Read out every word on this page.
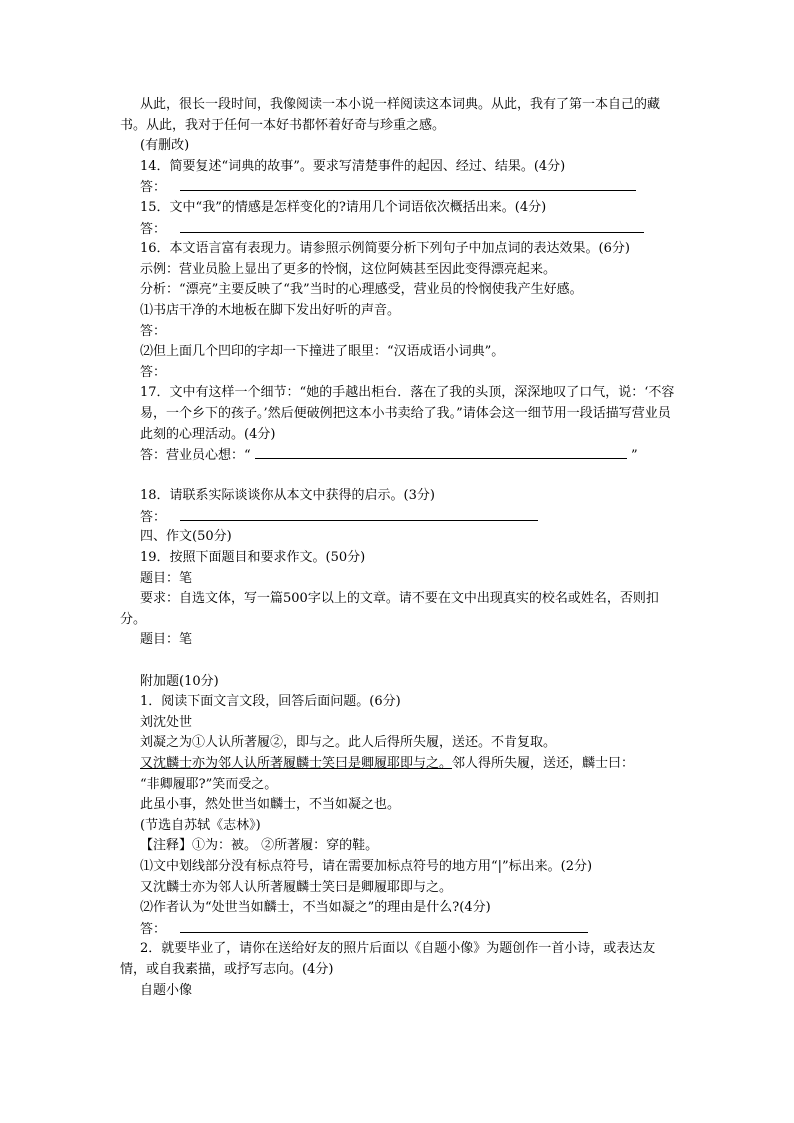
从此，很长一段时间，我像阅读一本小说一样阅读这本词典。从此，我有了第一本自己的藏书。从此，我对于任何一本好书都怀着好奇与珍重之感。
(有删改)
14．简要复述“词典的故事”。要求写清楚事件的起因、经过、结果。(4分)
答：
15．文中“我”的情感是怎样变化的?请用几个词语依次概括出来。(4分)
答：
16．本文语言富有表现力。请参照示例简要分析下列句子中加点词的表达效果。(6分)
示例：营业员脸上显出了更多的怜悯，这位阿姨甚至因此变得漂亮起来。
分析：“漂亮”主要反映了“我”当时的心理感受，营业员的怜悯使我产生好感。
⑴书店干净的木地板在脚下发出好听的声音。
答：
⑵但上面几个凹印的字却一下撞进了眼里：“汉语成语小词典”。
答：
17．文中有这样一个细节：“她的手越出柜台．落在了我的头顶，深深地叹了口气，说：‘不容易，一个乡下的孩子。’然后便破例把这本小书卖给了我。”请体会这一细节用一段话描写营业员此刻的心理活动。(4分)
答：营业员心想：“	”
18．请联系实际谈谈你从本文中获得的启示。(3分)
答：
四、作文(50分)
19．按照下面题目和要求作文。(50分)
题目：笔
要求：自选文体，写一篇500字以上的文章。请不要在文中出现真实的校名或姓名，否则扣分。
题目：笔
附加题(10分)
1．阅读下面文言文段，回答后面问题。(6分)
刘沈处世
刘凝之为①人认所著履②，即与之。此人后得所失履，送还。不肯复取。
又沈麟士亦为邻人认所著履麟士笑曰是卿履耶即与之。邻人得所失履，送还，麟士曰：
“非卿履耶?”笑而受之。
此虽小事，然处世当如麟士，不当如凝之也。
(节选自苏轼《志林》)
【注释】①为：被。 ②所著履：穿的鞋。
⑴文中划线部分没有标点符号，请在需要加标点符号的地方用“|”标出来。(2分)
又沈麟士亦为邻人认所著履麟士笑曰是卿履耶即与之。
⑵作者认为“处世当如麟士，不当如凝之”的理由是什么?(4分)
答：
2．就要毕业了，请你在送给好友的照片后面以《自题小像》为题创作一首小诗，或表达友情，或自我素描，或抒写志向。(4分)
自题小像
